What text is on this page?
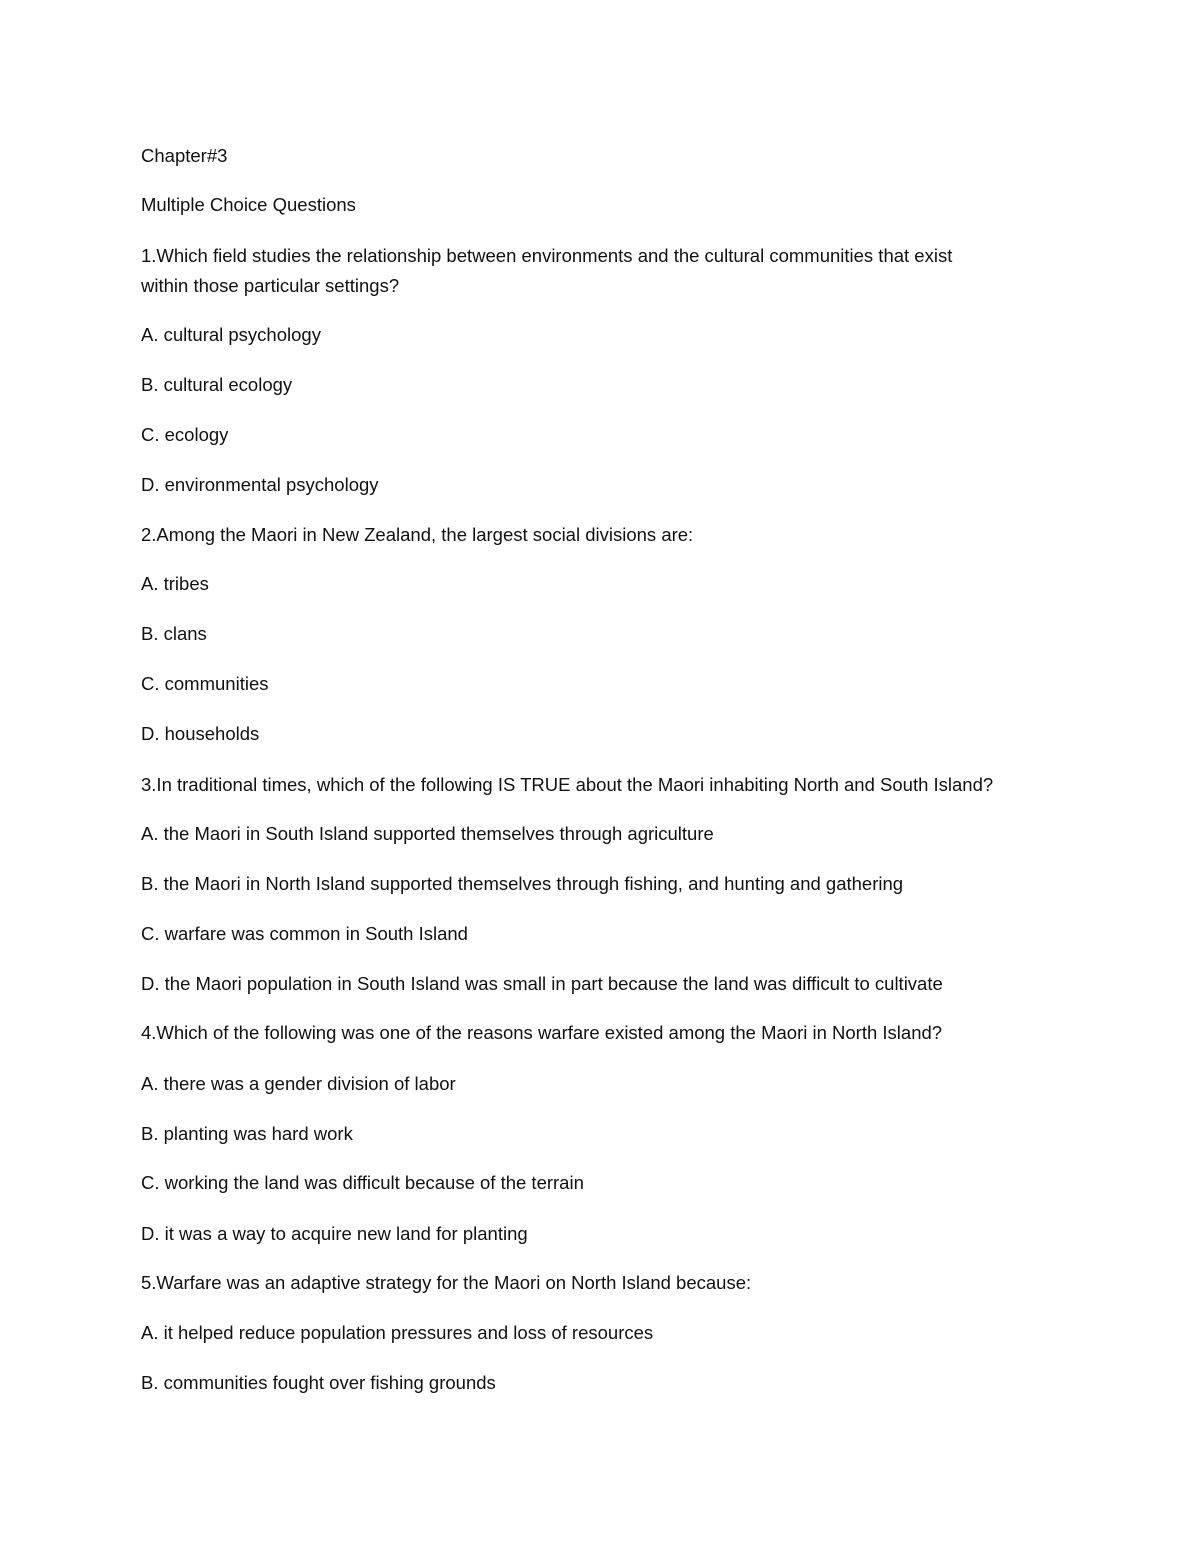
Chapter#3
Multiple Choice Questions
1.Which field studies the relationship between environments and the cultural communities that exist
within those particular settings?
A. cultural psychology
B. cultural ecology
C. ecology
D. environmental psychology
2.Among the Maori in New Zealand, the largest social divisions are:
A. tribes
B. clans
C. communities
D. households
3.In traditional times, which of the following IS TRUE about the Maori inhabiting North and South Island?
A. the Maori in South Island supported themselves through agriculture
B. the Maori in North Island supported themselves through fishing, and hunting and gathering
C. warfare was common in South Island
D. the Maori population in South Island was small in part because the land was difficult to cultivate
4.Which of the following was one of the reasons warfare existed among the Maori in North Island?
A. there was a gender division of labor
B. planting was hard work
C. working the land was difficult because of the terrain
D. it was a way to acquire new land for planting
5.Warfare was an adaptive strategy for the Maori on North Island because:
A. it helped reduce population pressures and loss of resources
B. communities fought over fishing grounds
